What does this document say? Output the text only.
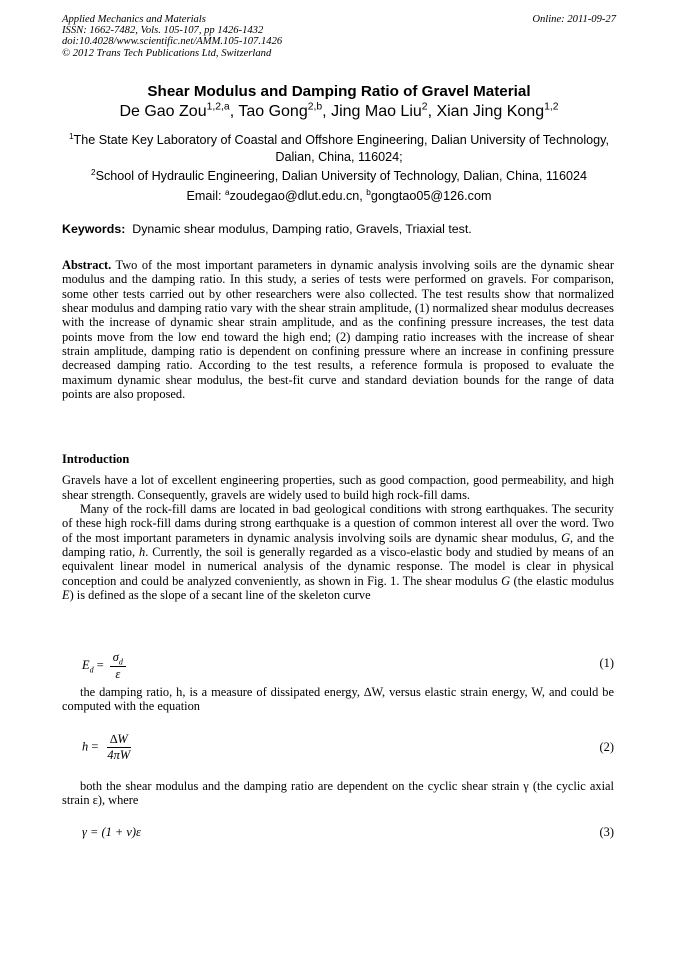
Applied Mechanics and Materials
ISSN: 1662-7482, Vols. 105-107, pp 1426-1432
doi:10.4028/www.scientific.net/AMM.105-107.1426
© 2012 Trans Tech Publications Ltd, Switzerland
Online: 2011-09-27
Shear Modulus and Damping Ratio of Gravel Material
De Gao Zou$^{1,2,a}$, Tao Gong$^{2,b}$, Jing Mao Liu$^2$, Xian Jing Kong$^{1,2}$
$^1$The State Key Laboratory of Coastal and Offshore Engineering, Dalian University of Technology,
Dalian, China, 116024;
$^2$School of Hydraulic Engineering, Dalian University of Technology, Dalian, China, 116024
Email: $^a$zoudegao@dlut.edu.cn, $^b$gongtao05@126.com
Keywords: Dynamic shear modulus, Damping ratio, Gravels, Triaxial test.

Abstract. Two of the most important parameters in dynamic analysis involving soils are the dynamic shear modulus and the damping ratio. In this study, a series of tests were performed on gravels. For comparison, some other tests carried out by other researchers were also collected. The test results show that normalized shear modulus and damping ratio vary with the shear strain amplitude, (1) normalized shear modulus decreases with the increase of dynamic shear strain amplitude, and as the confining pressure increases, the test data points move from the low end toward the high end; (2) damping ratio increases with the increase of shear strain amplitude, damping ratio is dependent on confining pressure where an increase in confining pressure decreased damping ratio. According to the test results, a reference formula is proposed to evaluate the maximum dynamic shear modulus, the best-fit curve and standard deviation bounds for the range of data points are also proposed.

Introduction

Gravels have a lot of excellent engineering properties, such as good compaction, good permeability, and high shear strength. Consequently, gravels are widely used to build high rock-fill dams.

Many of the rock-fill dams are located in bad geological conditions with strong earthquakes. The security of these high rock-fill dams during strong earthquake is a question of common interest all over the word. Two of the most important parameters in dynamic analysis involving soils are dynamic shear modulus, G, and the damping ratio, h. Currently, the soil is generally regarded as a visco-elastic body and studied by means of an equivalent linear model in numerical analysis of the dynamic response. The model is clear in physical conception and could be analyzed conveniently, as shown in Fig. 1. The shear modulus G (the elastic modulus E) is defined as the slope of a secant line of the skeleton curve

$E_d = \frac{\sigma_d}{\varepsilon}$	(1)
the damping ratio, h, is a measure of dissipated energy, ∆W, versus elastic strain energy, W, and could be computed with the equation
$h = \frac{\Delta W}{4\pi W}$	(2)
both the shear modulus and the damping ratio are dependent on the cyclic shear strain γ (the cyclic axial strain ε), where
γ = (1 + ν)ε	(3)
